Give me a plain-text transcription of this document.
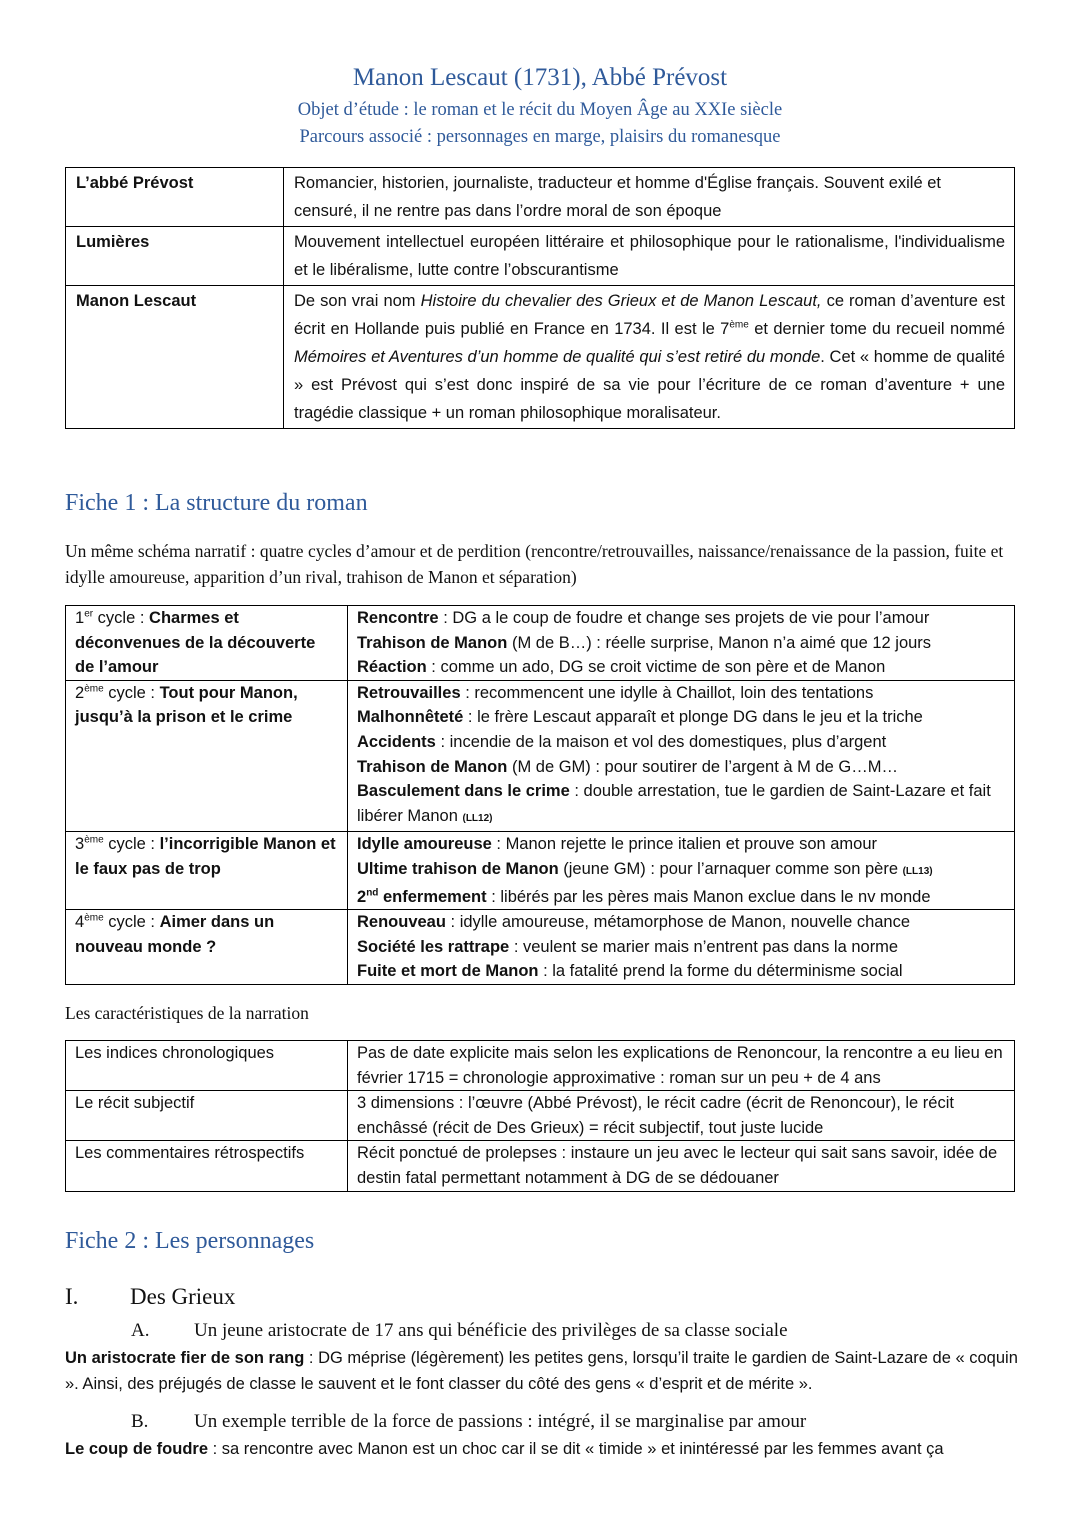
Manon Lescaut (1731), Abbé Prévost
Objet d’étude : le roman et le récit du Moyen Âge au XXIe siècle
Parcours associé : personnages en marge, plaisirs du romanesque
L’abbé Prévost	Romancier, historien, journaliste, traducteur et homme d'Église français. Souvent exilé et censuré, il ne rentre pas dans l’ordre moral de son époque
Lumières	Mouvement intellectuel européen littéraire et philosophique pour le rationalisme, l'individualisme et le libéralisme, lutte contre l’obscurantisme
Manon Lescaut	De son vrai nom Histoire du chevalier des Grieux et de Manon Lescaut, ce roman d’aventure est écrit en Hollande puis publié en France en 1734. Il est le 7ème et dernier tome du recueil nommé Mémoires et Aventures d’un homme de qualité qui s’est retiré du monde. Cet « homme de qualité » est Prévost qui s’est donc inspiré de sa vie pour l’écriture de ce roman d’aventure + une tragédie classique + un roman philosophique moralisateur.
Fiche 1 : La structure du roman
Un même schéma narratif : quatre cycles d’amour et de perdition (rencontre/retrouvailles, naissance/renaissance de la passion, fuite et idylle amoureuse, apparition d’un rival, trahison de Manon et séparation)
1er cycle : Charmes et déconvenues de la découverte de l’amour	Rencontre : DG a le coup de foudre et change ses projets de vie pour l’amour
Trahison de Manon (M de B…) : réelle surprise, Manon n’a aimé que 12 jours
Réaction : comme un ado, DG se croit victime de son père et de Manon

2ème cycle : Tout pour Manon, jusqu’à la prison et le crime	Retrouvailles : recommencent une idylle à Chaillot, loin des tentations
Malhonnêteté : le frère Lescaut apparaît et plonge DG dans le jeu et la triche
Accidents : incendie de la maison et vol des domestiques, plus d’argent
Trahison de Manon (M de GM) : pour soutirer de l’argent à M de G…M…
Basculement dans le crime : double arrestation, tue le gardien de Saint-Lazare et fait libérer Manon (LL12)

3ème cycle : l’incorrigible Manon et le faux pas de trop	Idylle amoureuse : Manon rejette le prince italien et prouve son amour
Ultime trahison de Manon (jeune GM) : pour l’arnaquer comme son père (LL13)
2nd enfermement : libérés par les pères mais Manon exclue dans le nv monde

4ème cycle : Aimer dans un nouveau monde ?	Renouveau : idylle amoureuse, métamorphose de Manon, nouvelle chance
Société les rattrape : veulent se marier mais n’entrent pas dans la norme
Fuite et mort de Manon : la fatalité prend la forme du déterminisme social
Les caractéristiques de la narration
Les indices chronologiques	Pas de date explicite mais selon les explications de Renoncour, la rencontre a eu lieu en février 1715 = chronologie approximative : roman sur un peu + de 4 ans
Le récit subjectif	3 dimensions : l’œuvre (Abbé Prévost), le récit cadre (écrit de Renoncour), le récit enchâssé (récit de Des Grieux) = récit subjectif, tout juste lucide
Les commentaires rétrospectifs	Récit ponctué de prolepses : instaure un jeu avec le lecteur qui sait sans savoir, idée de destin fatal permettant notamment à DG de se dédouaner
Fiche 2 : Les personnages
I. Des Grieux
A. Un jeune aristocrate de 17 ans qui bénéficie des privilèges de sa classe sociale
Un aristocrate fier de son rang : DG méprise (légèrement) les petites gens, lorsqu’il traite le gardien de Saint-Lazare de « coquin ». Ainsi, des préjugés de classe le sauvent et le font classer du côté des gens « d’esprit et de mérite ».
B. Un exemple terrible de la force de passions : intégré, il se marginalise par amour
Le coup de foudre : sa rencontre avec Manon est un choc car il se dit « timide » et inintéressé par les femmes avant ça
